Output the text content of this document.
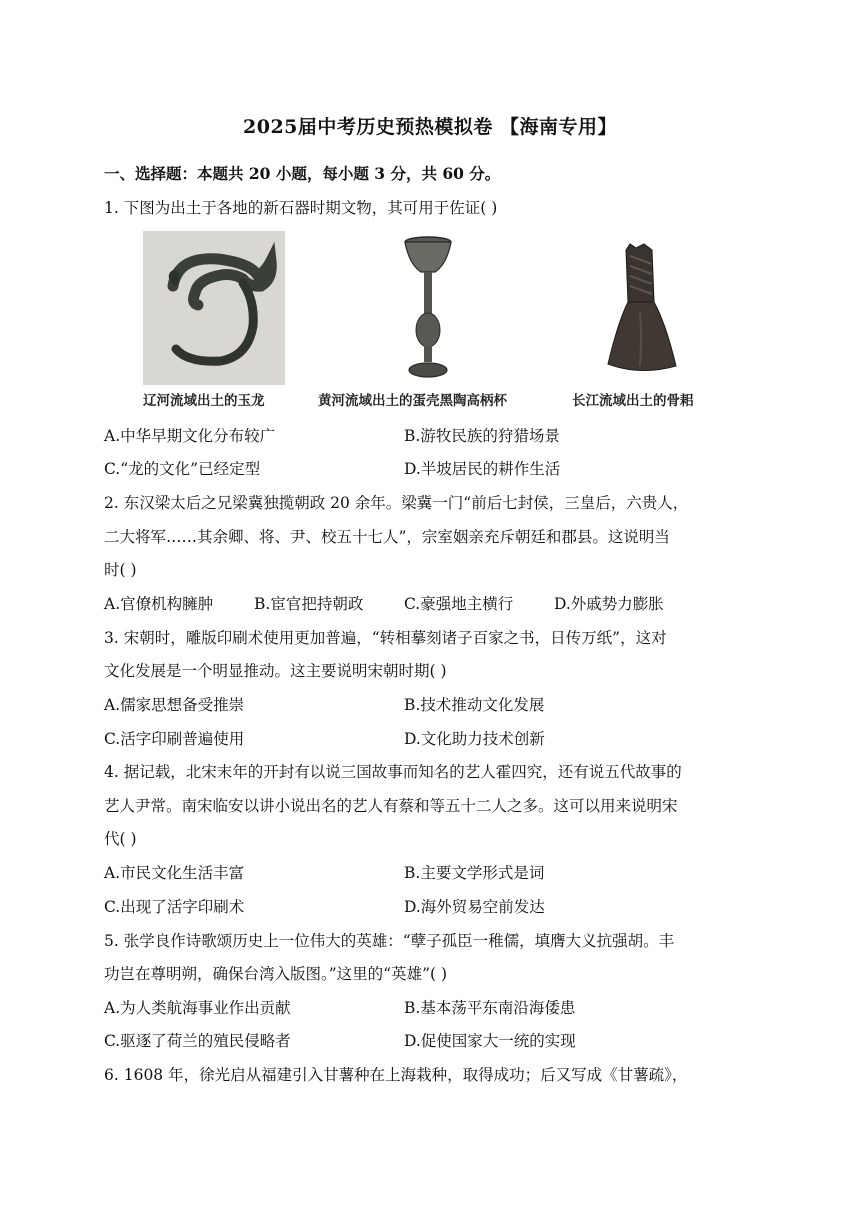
2025届中考历史预热模拟卷 【海南专用】
一、选择题：本题共 20 小题，每小题 3 分，共 60 分。
1. 下图为出土于各地的新石器时期文物，其可用于佐证( )
辽河流域出土的玉龙	黄河流域出土的蛋壳黑陶高柄杯	长江流域出土的骨耜
A.中华早期文化分布较广	B.游牧民族的狩猎场景
C.“龙的文化”已经定型	D.半坡居民的耕作生活
2. 东汉梁太后之兄梁冀独揽朝政 20 余年。梁冀一门“前后七封侯，三皇后，六贵人，
二大将军……其余卿、将、尹、校五十七人”，宗室姻亲充斥朝廷和郡县。这说明当
时( )
A.官僚机构臃肿	B.宦官把持朝政	C.豪强地主横行	D.外戚势力膨胀
3. 宋朝时，雕版印刷术使用更加普遍，“转相摹刻诸子百家之书，日传万纸”，这对
文化发展是一个明显推动。这主要说明宋朝时期( )
A.儒家思想备受推崇	B.技术推动文化发展
C.活字印刷普遍使用	D.文化助力技术创新
4. 据记载，北宋末年的开封有以说三国故事而知名的艺人霍四究，还有说五代故事的
艺人尹常。南宋临安以讲小说出名的艺人有蔡和等五十二人之多。这可以用来说明宋
代( )
A.市民文化生活丰富	B.主要文学形式是词
C.出现了活字印刷术	D.海外贸易空前发达
5. 张学良作诗歌颂历史上一位伟大的英雄：“孽子孤臣一稚儒，填膺大义抗强胡。丰
功岂在尊明朔，确保台湾入版图。”这里的“英雄”( )
A.为人类航海事业作出贡献	B.基本荡平东南沿海倭患
C.驱逐了荷兰的殖民侵略者	D.促使国家大一统的实现
6. 1608 年，徐光启从福建引入甘薯种在上海栽种，取得成功；后又写成《甘薯疏》，
